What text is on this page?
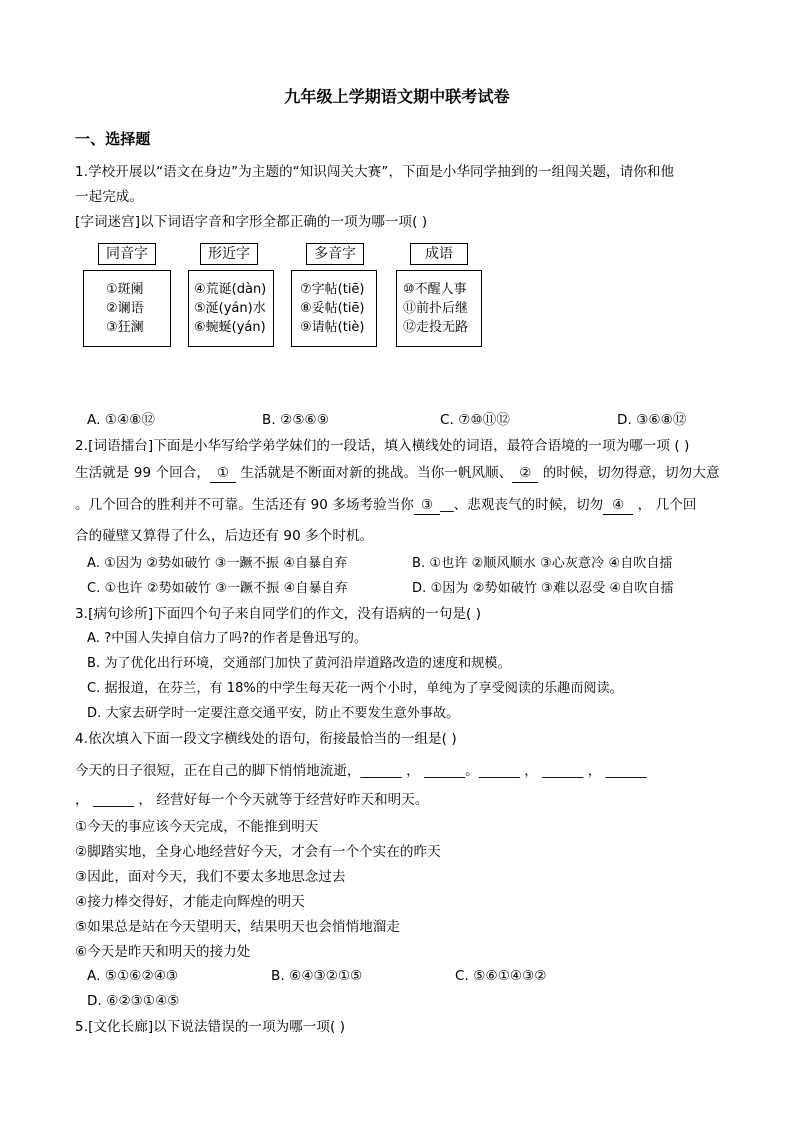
九年级上学期语文期中联考试卷
一、选择题
1.学校开展以“语文在身边”为主题的“知识闯关大赛”，下面是小华同学抽到的一组闯关题，请你和他
一起完成。
[字词迷宫]以下词语字音和字形全都正确的一项为哪一项( )
同音字	形近字	多音字	成语
①斑阑
②谰语
③狂澜
④荒诞(dàn)
⑤涎(yán)水
⑥蜿蜒(yán)
⑦字帖(tiē)
⑧妥帖(tiē)
⑨请帖(tiè)
⑩不醒人事
⑪前扑后继
⑫走投无路
A. ①④⑧⑫	B. ②⑤⑥⑨	C. ⑦⑩⑪⑫	D. ③⑥⑧⑫
2.[词语擂台]下面是小华写给学弟学妹们的一段话，填入横线处的词语，最符合语境的一项为哪一项 ( )
生活就是 99 个回合， ① 生活就是不断面对新的挑战。当你一帆风顺、 ② 的时候，切勿得意，切勿大意
。几个回合的胜利并不可靠。生活还有 90 多场考验当你 ③ __、悲观丧气的时候，切勿 ④ ， 几个回
合的碰壁又算得了什么，后边还有 90 多个时机。
A. ①因为 ②势如破竹 ③一蹶不振 ④自暴自弃	B. ①也许 ②顺风顺水 ③心灰意冷 ④自吹自擂
C. ①也许 ②势如破竹 ③一蹶不振 ④自暴自弃	D. ①因为 ②势如破竹 ③难以忍受 ④自吹自擂
3.[病句诊所]下面四个句子来自同学们的作文，没有语病的一句是( )
A. ?中国人失掉自信力了吗?的作者是鲁迅写的。
B. 为了优化出行环境，交通部门加快了黄河沿岸道路改造的速度和规模。
C. 据报道，在芬兰，有 18%的中学生每天花一两个小时，单纯为了享受阅读的乐趣而阅读。
D. 大家去研学时一定要注意交通平安，防止不要发生意外事故。
4.依次填入下面一段文字横线处的语句，衔接最恰当的一组是( )
今天的日子很短，正在自己的脚下悄悄地流逝，______ ， ______。______ ， ______ ， ______
， ______ ， 经营好每一个今天就等于经营好昨天和明天。
①今天的事应该今天完成，不能推到明天
②脚踏实地，全身心地经营好今天，才会有一个个实在的昨天
③因此，面对今天，我们不要太多地思念过去
④接力棒交得好，才能走向辉煌的明天
⑤如果总是站在今天望明天，结果明天也会悄悄地溜走
⑥今天是昨天和明天的接力处
A. ⑤①⑥②④③	B. ⑥④③②①⑤	C. ⑤⑥①④③②
D. ⑥②③①④⑤
5.[文化长廊]以下说法错误的一项为哪一项( )
